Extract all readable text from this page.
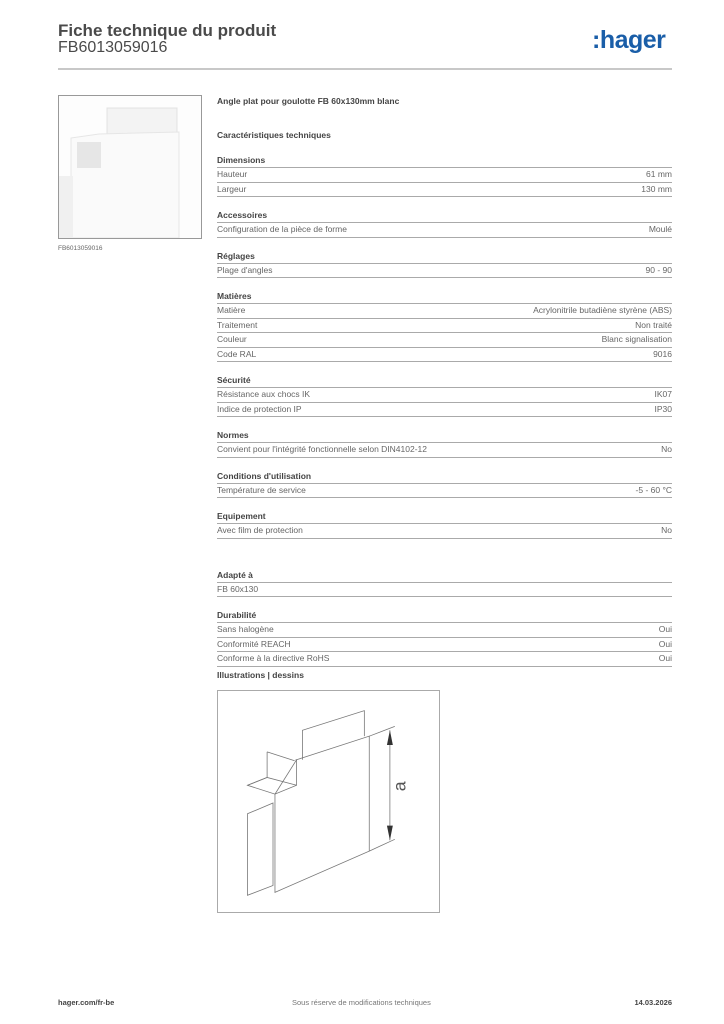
Fiche technique du produit
FB6013059016	:hager
FB6013059016
Angle plat pour goulotte FB 60x130mm blanc
Caractéristiques techniques
Dimensions
Hauteur	61 mm
Largeur	130 mm
Accessoires
Configuration de la pièce de forme	Moulé
Réglages
Plage d'angles	90 - 90
Matières
Matière	Acrylonitrile butadiène styrène (ABS)
Traitement	Non traité
Couleur	Blanc signalisation
Code RAL	9016
Sécurité
Résistance aux chocs IK	IK07
Indice de protection IP	IP30
Normes
Convient pour l'intégrité fonctionnelle selon DIN4102-12	No
Conditions d'utilisation
Température de service	-5 - 60 °C
Equipement
Avec film de protection	No
Adapté à
FB 60x130
Durabilité
Sans halogène	Oui
Conformité REACH	Oui
Conforme à la directive RoHS	Oui
Illustrations | dessins
a
hager.com/fr-be	Sous réserve de modifications techniques	14.03.2026
